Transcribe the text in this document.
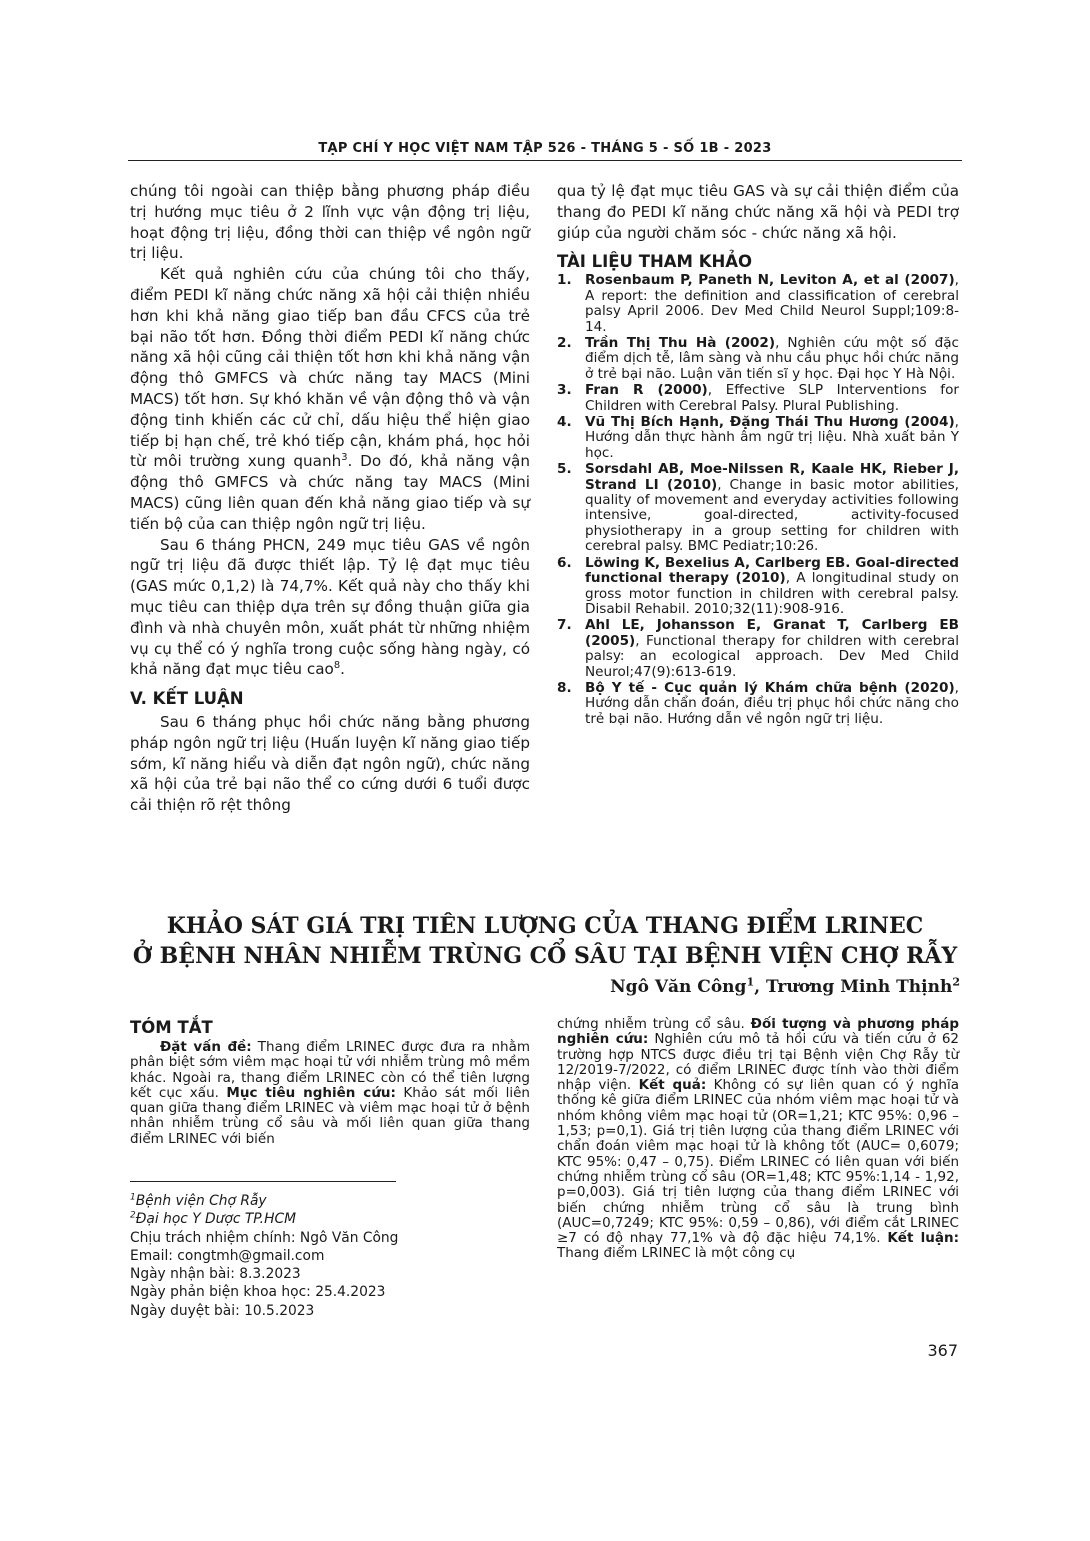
TẠP CHÍ Y HỌC VIỆT NAM TẬP 526 - THÁNG 5 - SỐ 1B - 2023

chúng tôi ngoài can thiệp bằng phương pháp điều trị hướng mục tiêu ở 2 lĩnh vực vận động trị liệu, hoạt động trị liệu, đồng thời can thiệp về ngôn ngữ trị liệu.

Kết quả nghiên cứu của chúng tôi cho thấy, điểm PEDI kĩ năng chức năng xã hội cải thiện nhiều hơn khi khả năng giao tiếp ban đầu CFCS của trẻ bại não tốt hơn. Đồng thời điểm PEDI kĩ năng chức năng xã hội cũng cải thiện tốt hơn khi khả năng vận động thô GMFCS và chức năng tay MACS (Mini MACS) tốt hơn. Sự khó khăn về vận động thô và vận động tinh khiến các cử chỉ, dấu hiệu thể hiện giao tiếp bị hạn chế, trẻ khó tiếp cận, khám phá, học hỏi từ môi trường xung quanh$^3$. Do đó, khả năng vận động thô GMFCS và chức năng tay MACS (Mini MACS) cũng liên quan đến khả năng giao tiếp và sự tiến bộ của can thiệp ngôn ngữ trị liệu.

Sau 6 tháng PHCN, 249 mục tiêu GAS về ngôn ngữ trị liệu đã được thiết lập. Tỷ lệ đạt mục tiêu (GAS mức 0,1,2) là 74,7%. Kết quả này cho thấy khi mục tiêu can thiệp dựa trên sự đồng thuận giữa gia đình và nhà chuyên môn, xuất phát từ những nhiệm vụ cụ thể có ý nghĩa trong cuộc sống hàng ngày, có khả năng đạt mục tiêu cao$^8$.

V. KẾT LUẬN

Sau 6 tháng phục hồi chức năng bằng phương pháp ngôn ngữ trị liệu (Huấn luyện kĩ năng giao tiếp sớm, kĩ năng hiểu và diễn đạt ngôn ngữ), chức năng xã hội của trẻ bại não thể co cứng dưới 6 tuổi được cải thiện rõ rệt thông

qua tỷ lệ đạt mục tiêu GAS và sự cải thiện điểm của thang đo PEDI kĩ năng chức năng xã hội và PEDI trợ giúp của người chăm sóc - chức năng xã hội.
TÀI LIỆU THAM KHẢO
1. Rosenbaum P, Paneth N, Leviton A, et al (2007), A report: the definition and classification of cerebral palsy April 2006. Dev Med Child Neurol Suppl;109:8-14.
2. Trần Thị Thu Hà (2002), Nghiên cứu một số đặc điểm dịch tễ, lâm sàng và nhu cầu phục hồi chức năng ở trẻ bại não. Luận văn tiến sĩ y học. Đại học Y Hà Nội.
3. Fran R (2000), Effective SLP Interventions for Children with Cerebral Palsy. Plural Publishing.
4. Vũ Thị Bích Hạnh, Đặng Thái Thu Hương (2004), Hướng dẫn thực hành âm ngữ trị liệu. Nhà xuất bản Y học.
5. Sorsdahl AB, Moe-Nilssen R, Kaale HK, Rieber J, Strand LI (2010), Change in basic motor abilities, quality of movement and everyday activities following intensive, goal-directed, activity-focused physiotherapy in a group setting for children with cerebral palsy. BMC Pediatr;10:26.
6. Löwing K, Bexelius A, Carlberg EB. Goal-directed functional therapy (2010), A longitudinal study on gross motor function in children with cerebral palsy. Disabil Rehabil. 2010;32(11):908-916.
7. Ahl LE, Johansson E, Granat T, Carlberg EB (2005), Functional therapy for children with cerebral palsy: an ecological approach. Dev Med Child Neurol;47(9):613-619.
8. Bộ Y tế - Cục quản lý Khám chữa bệnh (2020), Hướng dẫn chẩn đoán, điều trị phục hồi chức năng cho trẻ bại não. Hướng dẫn về ngôn ngữ trị liệu.
KHẢO SÁT GIÁ TRỊ TIÊN LƯỢNG CỦA THANG ĐIỂM LRINEC
Ở BỆNH NHÂN NHIỄM TRÙNG CỔ SÂU TẠI BỆNH VIỆN CHỢ RẪY
Ngô Văn Công$^1$, Trương Minh Thịnh$^2$
TÓM TẮT

Đặt vấn đề: Thang điểm LRINEC được đưa ra nhằm phân biệt sớm viêm mạc hoại tử với nhiễm trùng mô mềm khác. Ngoài ra, thang điểm LRINEC còn có thể tiên lượng kết cục xấu. Mục tiêu nghiên cứu: Khảo sát mối liên quan giữa thang điểm LRINEC và viêm mạc hoại tử ở bệnh nhân nhiễm trùng cổ sâu và mối liên quan giữa thang điểm LRINEC với biến

chứng nhiễm trùng cổ sâu. Đối tượng và phương pháp nghiên cứu: Nghiên cứu mô tả hồi cứu và tiến cứu ở 62 trường hợp NTCS được điều trị tại Bệnh viện Chợ Rẫy từ 12/2019-7/2022, có điểm LRINEC được tính vào thời điểm nhập viện. Kết quả: Không có sự liên quan có ý nghĩa thống kê giữa điểm LRINEC của nhóm viêm mạc hoại tử và nhóm không viêm mạc hoại tử (OR=1,21; KTC 95%: 0,96 – 1,53; p=0,1). Giá trị tiên lượng của thang điểm LRINEC với chẩn đoán viêm mạc hoại tử là không tốt (AUC= 0,6079; KTC 95%: 0,47 – 0,75). Điểm LRINEC có liên quan với biến chứng nhiễm trùng cổ sâu (OR=1,48; KTC 95%:1,14 - 1,92, p=0,003). Giá trị tiên lượng của thang điểm LRINEC với biến chứng nhiễm trùng cổ sâu là trung bình (AUC=0,7249; KTC 95%: 0,59 – 0,86), với điểm cắt LRINEC ≥7 có độ nhạy 77,1% và độ đặc hiệu 74,1%. Kết luận: Thang điểm LRINEC là một công cụ

$^1$Bệnh viện Chợ Rẫy
$^2$Đại học Y Dược TP.HCM
Chịu trách nhiệm chính: Ngô Văn Công
Email: congtmh@gmail.com
Ngày nhận bài: 8.3.2023
Ngày phản biện khoa học: 25.4.2023
Ngày duyệt bài: 10.5.2023
367
